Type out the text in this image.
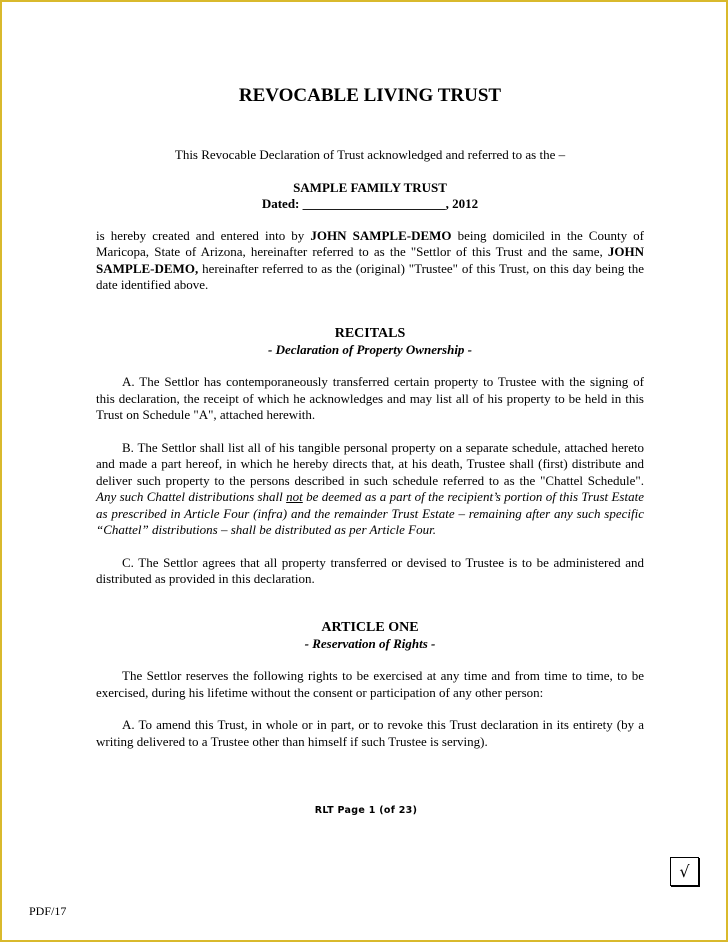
REVOCABLE LIVING TRUST

This Revocable Declaration of Trust acknowledged and referred to as the –

SAMPLE FAMILY TRUST

Dated: ______________________, 2012

is hereby created and entered into by JOHN SAMPLE-DEMO being domiciled in the County of Maricopa, State of Arizona, hereinafter referred to as the "Settlor of this Trust and the same, JOHN SAMPLE-DEMO, hereinafter referred to as the (original) "Trustee" of this Trust, on this day being the date identified above.

RECITALS

- Declaration of Property Ownership -

A. The Settlor has contemporaneously transferred certain property to Trustee with the signing of this declaration, the receipt of which he acknowledges and may list all of his property to be held in this Trust on Schedule "A", attached herewith.

B. The Settlor shall list all of his tangible personal property on a separate schedule, attached hereto and made a part hereof, in which he hereby directs that, at his death, Trustee shall (first) distribute and deliver such property to the persons described in such schedule referred to as the "Chattel Schedule". Any such Chattel distributions shall not be deemed as a part of the recipient’s portion of this Trust Estate as prescribed in Article Four (infra) and the remainder Trust Estate – remaining after any such specific “Chattel” distributions – shall be distributed as per Article Four.

C. The Settlor agrees that all property transferred or devised to Trustee is to be administered and distributed as provided in this declaration.

ARTICLE ONE

- Reservation of Rights -

The Settlor reserves the following rights to be exercised at any time and from time to time, to be exercised, during his lifetime without the consent or participation of any other person:

A. To amend this Trust, in whole or in part, or to revoke this Trust declaration in its entirety (by a writing delivered to a Trustee other than himself if such Trustee is serving).

RLT Page 1 (of 23)
√
PDF/17
